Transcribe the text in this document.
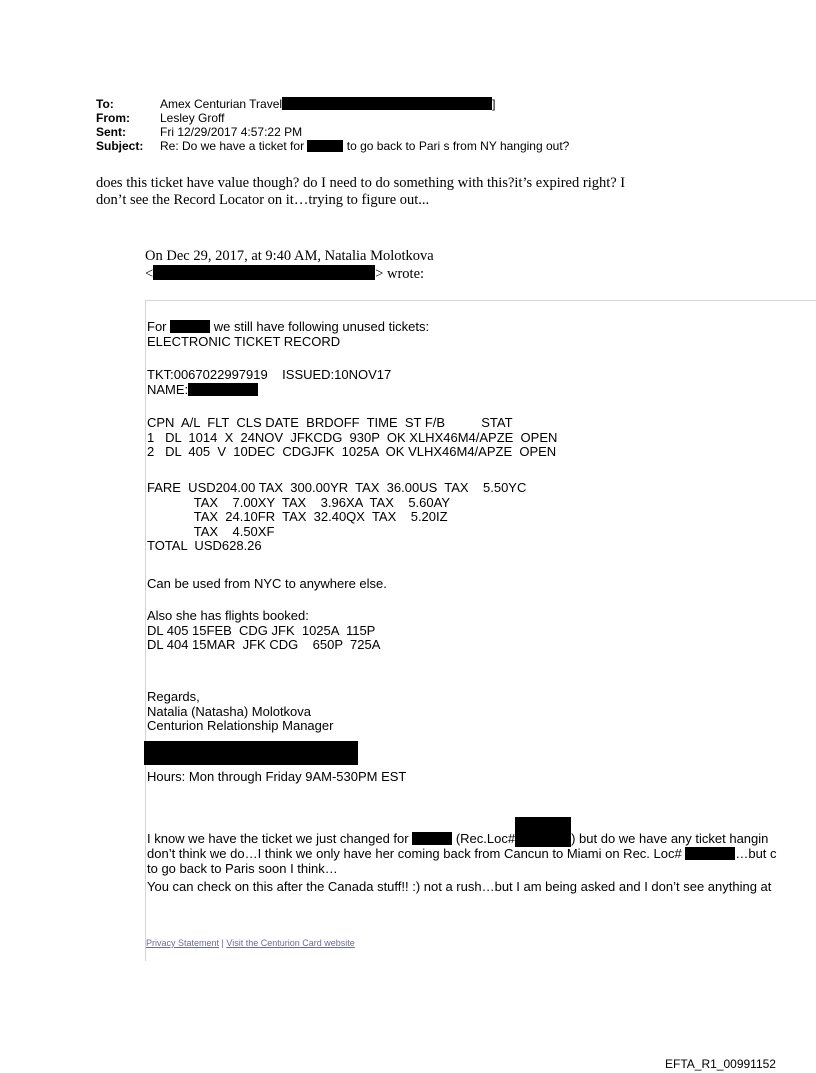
To:	Amex Centurian Travel	]
From:	Lesley Groff
Sent:	Fri 12/29/2017 4:57:22 PM
Subject:	Re: Do we have a ticket for	to go back to Pari s from NY hanging out?
does this ticket have value though? do I need to do something with this?it’s expired right? I
don’t see the Record Locator on it…trying to figure out...
On Dec 29, 2017, at 9:40 AM, Natalia Molotkova
<	> wrote:
For	we still have following unused tickets:
ELECTRONIC TICKET RECORD
TKT:0067022997919    ISSUED:10NOV17
NAME:
CPN  A/L  FLT  CLS DATE  BRDOFF  TIME  ST F/B          STAT
1   DL  1014  X  24NOV  JFKCDG  930P  OK XLHX46M4/APZE  OPEN
2   DL  405  V  10DEC  CDGJFK  1025A  OK VLHX46M4/APZE  OPEN
FARE  USD204.00 TAX  300.00YR  TAX  36.00US  TAX    5.50YC
TAX    7.00XY  TAX    3.96XA  TAX    5.60AY
TAX  24.10FR  TAX  32.40QX  TAX    5.20IZ
TAX    4.50XF
TOTAL  USD628.26
Can be used from NYC to anywhere else.
Also she has flights booked:
DL 405 15FEB  CDG JFK  1025A  115P
DL 404 15MAR  JFK CDG    650P  725A
Regards,
Natalia (Natasha) Molotkova
Centurion Relationship Manager
Hours: Mon through Friday 9AM-530PM EST
I know we have the ticket we just changed for	(Rec.Loc#	) but do we have any ticket hangin
don’t think we do…I think we only have her coming back from Cancun to Miami on Rec. Loc#	…but c
to go back to Paris soon I think…
You can check on this after the Canada stuff!! :) not a rush…but I am being asked and I don’t see anything at
Privacy Statement | Visit the Centurion Card website
EFTA_R1_00991152
